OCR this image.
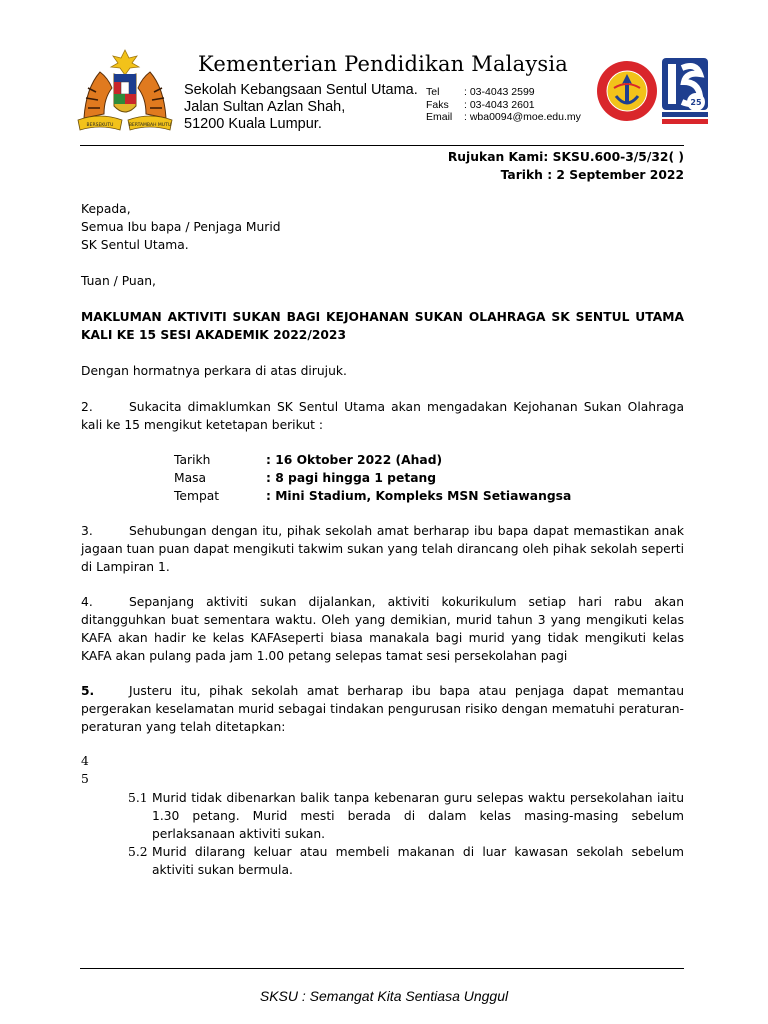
BERSEKUTU	BERTAMBAH MUTU
Kementerian Pendidikan Malaysia
Sekolah Kebangsaan Sentul Utama.
Jalan Sultan Azlan Shah,
51200 Kuala Lumpur.
Tel : 03-4043 2599
Faks : 03-4043 2601
Email : wba0094@moe.edu.my
25
Rujukan Kami: SKSU.600-3/5/32( )
Tarikh : 2 September 2022
Kepada,
Semua Ibu bapa / Penjaga Murid
SK Sentul Utama.
Tuan / Puan,
MAKLUMAN AKTIVITI SUKAN BAGI KEJOHANAN SUKAN OLAHRAGA SK SENTUL UTAMA KALI KE 15 SESI AKADEMIK 2022/2023
Dengan hormatnya perkara di atas dirujuk.
2.	Sukacita dimaklumkan SK Sentul Utama akan mengadakan Kejohanan Sukan Olahraga kali ke 15 mengikut ketetapan berikut :
Tarikh	: 16 Oktober 2022 (Ahad)
Masa	: 8 pagi hingga 1 petang
Tempat	: Mini Stadium, Kompleks MSN Setiawangsa
3.	Sehubungan dengan itu, pihak sekolah amat berharap ibu bapa dapat memastikan anak jagaan tuan puan dapat mengikuti takwim sukan yang telah dirancang oleh pihak sekolah seperti di Lampiran 1.
4.	Sepanjang aktiviti sukan dijalankan, aktiviti kokurikulum setiap hari rabu akan ditangguhkan buat sementara waktu. Oleh yang demikian, murid tahun 3 yang mengikuti kelas KAFA akan hadir ke kelas KAFAseperti biasa manakala bagi murid yang tidak mengikuti kelas KAFA akan pulang pada jam 1.00 petang selepas tamat sesi persekolahan pagi
5.	Justeru itu, pihak sekolah amat berharap ibu bapa atau penjaga dapat memantau pergerakan keselamatan murid sebagai tindakan pengurusan risiko dengan mematuhi peraturan-peraturan yang telah ditetapkan:
4
5
5.1 Murid tidak dibenarkan balik tanpa kebenaran guru selepas waktu persekolahan iaitu 1.30 petang. Murid mesti berada di dalam kelas masing-masing sebelum perlaksanaan aktiviti sukan.
5.2 Murid dilarang keluar atau membeli makanan di luar kawasan sekolah sebelum aktiviti sukan bermula.
SKSU : Semangat Kita Sentiasa Unggul
